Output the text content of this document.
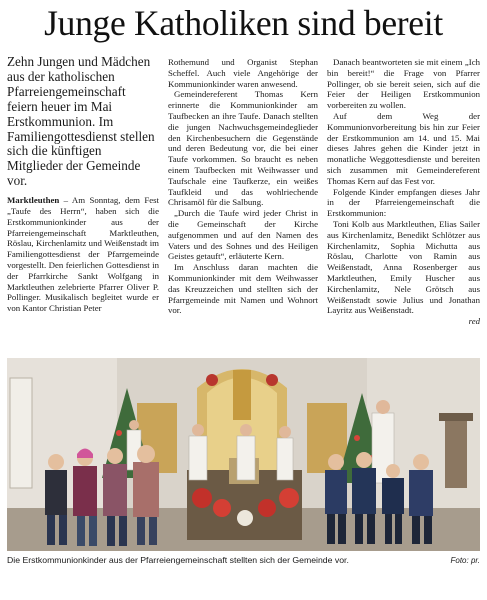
Junge Katholiken sind bereit

Zehn Jungen und Mädchen aus der katholischen Pfarreiengemeinschaft feiern heuer im Mai Erstkommunion. Im Familiengottesdienst stellen sich die künftigen Mitglieder der Gemeinde vor.

Marktleuthen – Am Sonntag, dem Fest „Taufe des Herrn“, haben sich die Erstkommunionkinder aus der Pfarreiengemeinschaft Marktleuthen, Röslau, Kirchenlamitz und Weißenstadt im Familiengottesdienst der Pfarrgemeinde vorgestellt. Den feierlichen Gottesdienst in der Pfarrkirche Sankt Wolfgang in Marktleuthen zelebrierte Pfarrer Oliver P. Pollinger. Musikalisch begleitet wurde er von Kantor Christian Peter

Rothemund und Organist Stephan Scheffel. Auch viele Angehörige der Kommunionkinder waren anwesend.

Gemeindereferent Thomas Kern erinnerte die Kommunionkinder am Taufbecken an ihre Taufe. Danach stellten die jungen Nachwuchsgemeindeglieder den Kirchenbesuchern die Gegenstände und deren Bedeutung vor, die bei einer Taufe vorkommen. So braucht es neben einem Taufbecken mit Weihwasser und Taufschale eine Taufkerze, ein weißes Taufkleid und das wohlriechende Chrisamöl für die Salbung.

„Durch die Taufe wird jeder Christ in die Gemeinschaft der Kirche aufgenommen und auf den Namen des Vaters und des Sohnes und des Heiligen Geistes getauft“, erläuterte Kern.

Im Anschluss daran machten die Kommunionkinder mit dem Weihwasser das Kreuzzeichen und stellten sich der Pfarrgemeinde mit Namen und Wohnort vor.

Danach beantworteten sie mit einem „Ich bin bereit!“ die Frage von Pfarrer Pollinger, ob sie bereit seien, sich auf die Feier der Heiligen Erstkommunion vorbereiten zu wollen.

Auf dem Weg der Kommunionvorbereitung bis hin zur Feier der Erstkommunion am 14. und 15. Mai dieses Jahres gehen die Kinder jetzt in monatliche Weggottesdienste und bereiten sich zusammen mit Gemeindereferent Thomas Kern auf das Fest vor.

Folgende Kinder empfangen dieses Jahr in der Pfarreiengemeinschaft die Erstkommunion:

Toni Kolb aus Marktleuthen, Elias Sailer aus Kirchenlamitz, Benedikt Schlötzer aus Kirchenlamitz, Sophia Michutta aus Röslau, Charlotte von Ramin aus Weißenstadt, Anna Rosenberger aus Marktleuthen, Emily Huscher aus Kirchenlamitz, Nele Grötsch aus Weißenstadt sowie Julius und Jonathan Layritz aus Weißenstadt.

red

Die Erstkommunionkinder aus der Pfarreiengemeinschaft stellten sich der Gemeinde vor.	Foto: pr.
